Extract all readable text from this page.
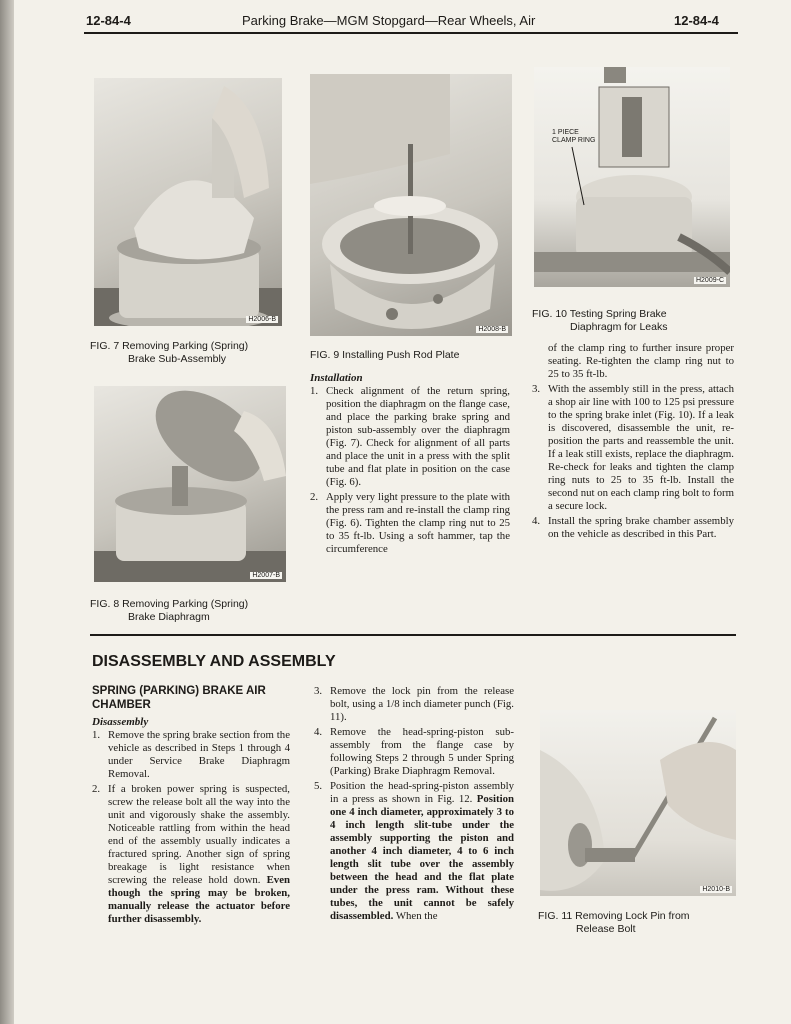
12-84-4	Parking Brake—MGM Stopgard—Rear Wheels, Air	12-84-4
H2006-B
FIG. 7 Removing Parking (Spring)
Brake Sub-Assembly
H2007-B
FIG. 8 Removing Parking (Spring)
Brake Diaphragm
H2008-B
FIG. 9 Installing Push Rod Plate
1 PIECE
CLAMP RING
H2009-C
FIG. 10 Testing Spring Brake
Diaphragm for Leaks

Installation

1. Check alignment of the return spring, position the diaphragm on the flange case, and place the parking brake spring and piston sub-assembly over the diaphragm (Fig. 7). Check for alignment of all parts and place the unit in a press with the split tube and flat plate in position on the case (Fig. 6).
2. Apply very light pressure to the plate with the press ram and re-install the clamp ring (Fig. 6). Tighten the clamp ring nut to 25 to 35 ft-lb. Using a soft hammer, tap the circumference

of the clamp ring to further insure proper seating. Re-tighten the clamp ring nut to 25 to 35 ft-lb.

3. With the assembly still in the press, attach a shop air line with 100 to 125 psi pressure to the spring brake inlet (Fig. 10). If a leak is discovered, disassemble the unit, re-position the parts and reassemble the unit. If a leak still exists, replace the diaphragm. Re-check for leaks and tighten the clamp ring nuts to 25 to 35 ft-lb. Install the second nut on each clamp ring bolt to form a secure lock.
4. Install the spring brake chamber assembly on the vehicle as described in this Part.
DISASSEMBLY AND ASSEMBLY
SPRING (PARKING) BRAKE AIR
CHAMBER

Disassembly

1. Remove the spring brake section from the vehicle as described in Steps 1 through 4 under Service Brake Diaphragm Removal.
2. If a broken power spring is suspected, screw the release bolt all the way into the unit and vigorously shake the assembly. Noticeable rattling from within the head end of the assembly usually indicates a fractured spring. Another sign of spring breakage is light resistance when screwing the release hold down. Even though the spring may be broken, manually release the actuator before further disassembly.
3. Remove the lock pin from the release bolt, using a 1/8 inch diameter punch (Fig. 11).
4. Remove the head-spring-piston sub-assembly from the flange case by following Steps 2 through 5 under Spring (Parking) Brake Diaphragm Removal.
5. Position the head-spring-piston assembly in a press as shown in Fig. 12. Position one 4 inch diameter, approximately 3 to 4 inch length slit-tube under the assembly supporting the piston and another 4 inch diameter, 4 to 6 inch length slit tube over the assembly between the head and the flat plate under the press ram. Without these tubes, the unit cannot be safely disassembled. When the
H2010-B
FIG. 11 Removing Lock Pin from
Release Bolt
